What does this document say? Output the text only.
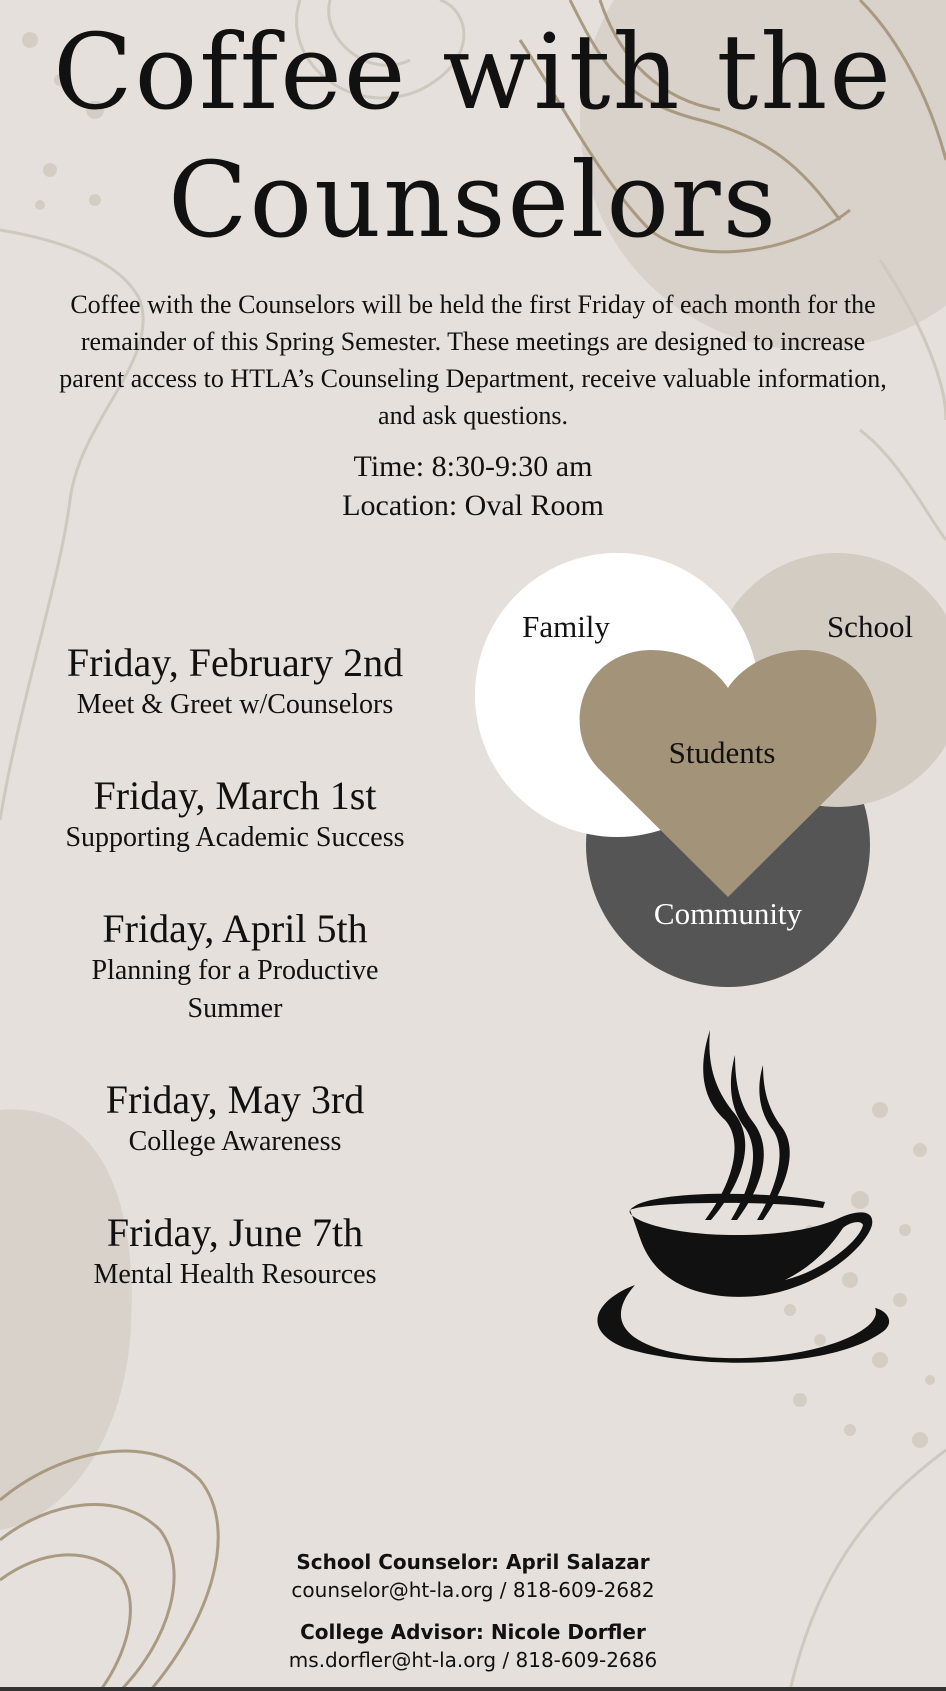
Coffee with the
Counselors

Coffee with the Counselors will be held the first Friday of each month for the remainder of this Spring Semester. These meetings are designed to increase parent access to HTLA’s Counseling Department, receive valuable information, and ask questions.

Time: 8:30-9:30 am
Location: Oval Room
Friday, February 2nd
Meet & Greet w/Counselors
Friday, March 1st
Supporting Academic Success
Friday, April 5th
Planning for a Productive
Summer
Friday, May 3rd
College Awareness
Friday, June 7th
Mental Health Resources
Family	School
Students
Community
School Counselor: April Salazar
counselor@ht-la.org / 818-609-2682
College Advisor: Nicole Dorfler
ms.dorfler@ht-la.org / 818-609-2686
